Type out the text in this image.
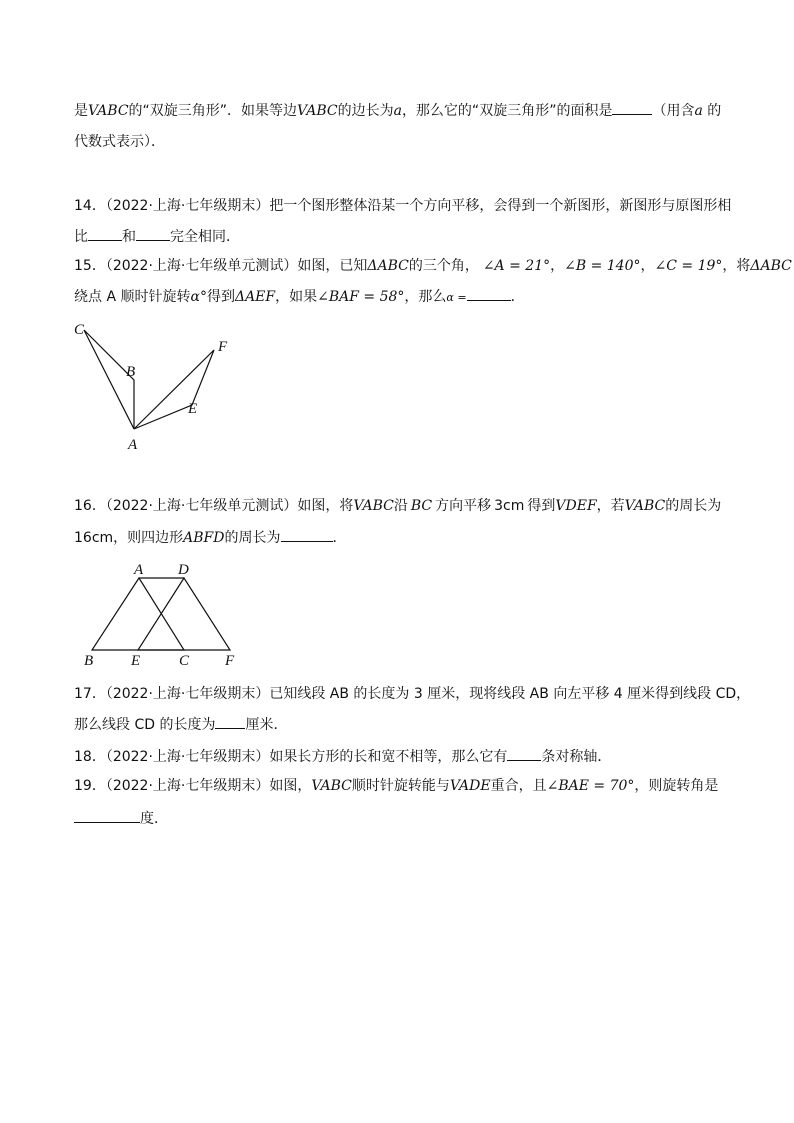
是VABC的“双旋三角形”．如果等边VABC的边长为a，那么它的“双旋三角形”的面积是	（用含a 的
代数式表示）．
14．（2022·上海·七年级期末）把一个图形整体沿某一个方向平移，会得到一个新图形，新图形与原图形相
比 和 完全相同．
15．（2022·上海·七年级单元测试）如图，已知ΔABC的三个角， ∠A = 21°，∠B = 140°，∠C = 19°，将ΔABC
绕点 A 顺时针旋转α°得到ΔAEF，如果∠BAF = 58°，那么α =	．
C
B
A
E
F
16．（2022·上海·七年级单元测试）如图，将VABC沿 BC 方向平移 3cm 得到VDEF，若VABC的周长为
16cm，则四边形ABFD的周长为	．
A D
B	E	C F
17．（2022·上海·七年级期末）已知线段 AB 的长度为 3 厘米，现将线段 AB 向左平移 4 厘米得到线段 CD，
那么线段 CD 的长度为 厘米．
18．（2022·上海·七年级期末）如果长方形的长和宽不相等，那么它有 条对称轴．
19．（2022·上海·七年级期末）如图，VABC顺时针旋转能与VADE重合，且∠BAE = 70°，则旋转角是
度．
